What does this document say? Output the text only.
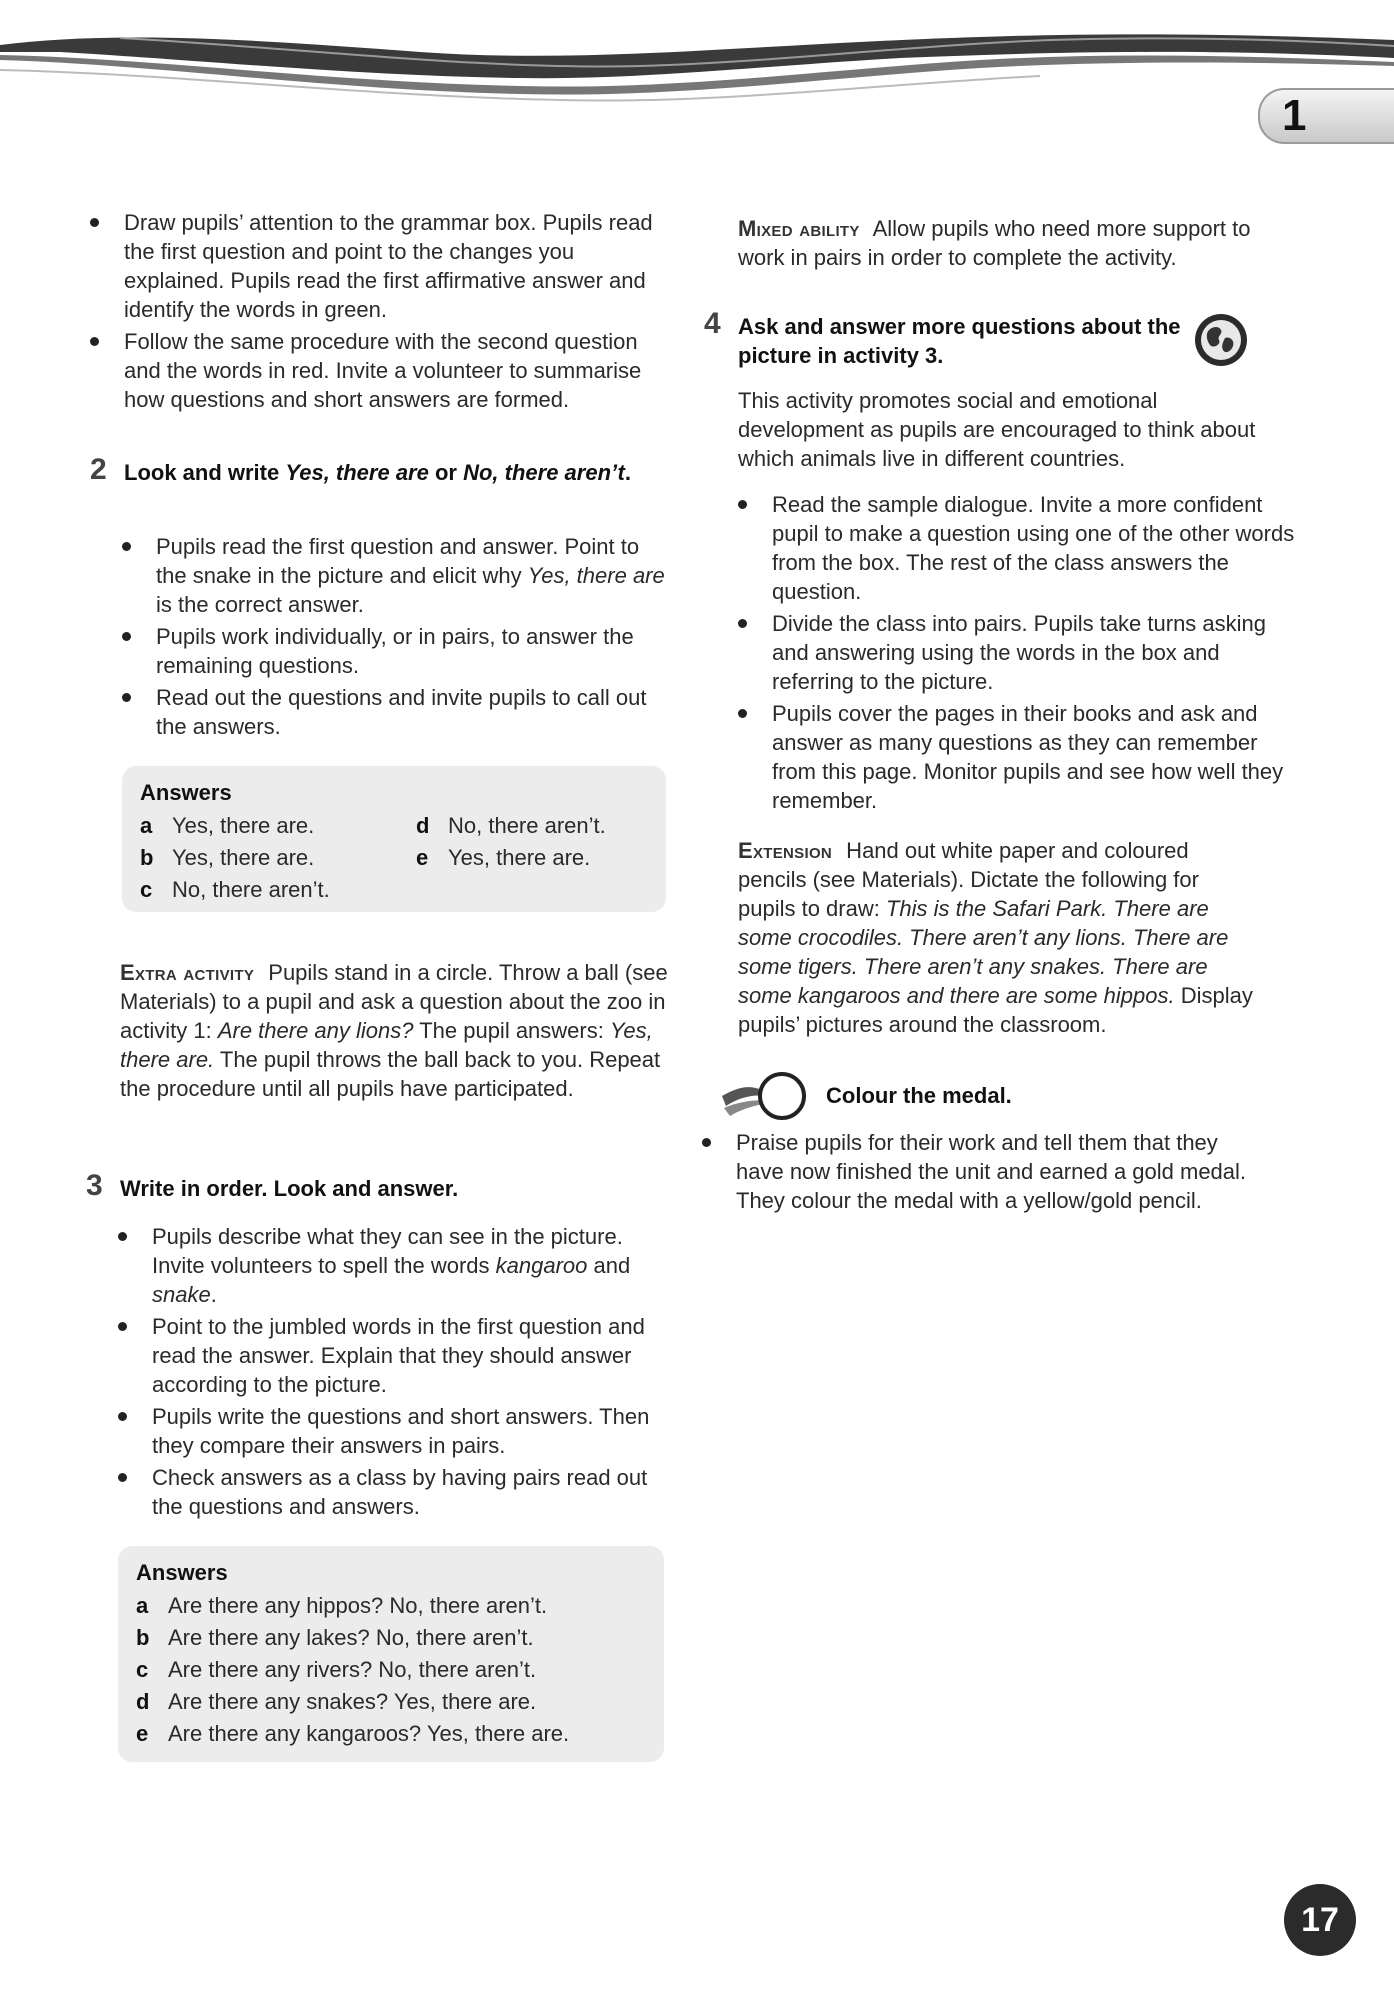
1
Draw pupils’ attention to the grammar box. Pupils read the first question and point to the changes you explained. Pupils read the first affirmative answer and identify the words in green.
Follow the same procedure with the second question and the words in red. Invite a volunteer to summarise how questions and short answers are formed.
2 Look and write Yes, there are or No, there aren’t.
Pupils read the first question and answer. Point to the snake in the picture and elicit why Yes, there are is the correct answer.
Pupils work individually, or in pairs, to answer the remaining questions.
Read out the questions and invite pupils to call out the answers.
Answers
a Yes, there are.
b Yes, there are.
c No, there aren’t.
d No, there aren’t.
e Yes, there are.

Extra activity Pupils stand in a circle. Throw a ball (see Materials) to a pupil and ask a question about the zoo in activity 1: Are there any lions? The pupil answers: Yes, there are. The pupil throws the ball back to you. Repeat the procedure until all pupils have participated.

3 Write in order. Look and answer.
Pupils describe what they can see in the picture. Invite volunteers to spell the words kangaroo and snake.
Point to the jumbled words in the first question and read the answer. Explain that they should answer according to the picture.
Pupils write the questions and short answers. Then they compare their answers in pairs.
Check answers as a class by having pairs read out the questions and answers.
Answers
a Are there any hippos? No, there aren’t.
b Are there any lakes? No, there aren’t.
c Are there any rivers? No, there aren’t.
d Are there any snakes? Yes, there are.
e Are there any kangaroos? Yes, there are.

Mixed ability Allow pupils who need more support to work in pairs in order to complete the activity.

4 Ask and answer more questions about the picture in activity 3.

This activity promotes social and emotional development as pupils are encouraged to think about which animals live in different countries.

Read the sample dialogue. Invite a more confident pupil to make a question using one of the other words from the box. The rest of the class answers the question.
Divide the class into pairs. Pupils take turns asking and answering using the words in the box and referring to the picture.
Pupils cover the pages in their books and ask and answer as many questions as they can remember from this page. Monitor pupils and see how well they remember.

Extension Hand out white paper and coloured pencils (see Materials). Dictate the following for pupils to draw: This is the Safari Park. There are some crocodiles. There aren’t any lions. There are some tigers. There aren’t any snakes. There are some kangaroos and there are some hippos. Display pupils’ pictures around the classroom.

Colour the medal.
Praise pupils for their work and tell them that they have now finished the unit and earned a gold medal. They colour the medal with a yellow/gold pencil.
17
